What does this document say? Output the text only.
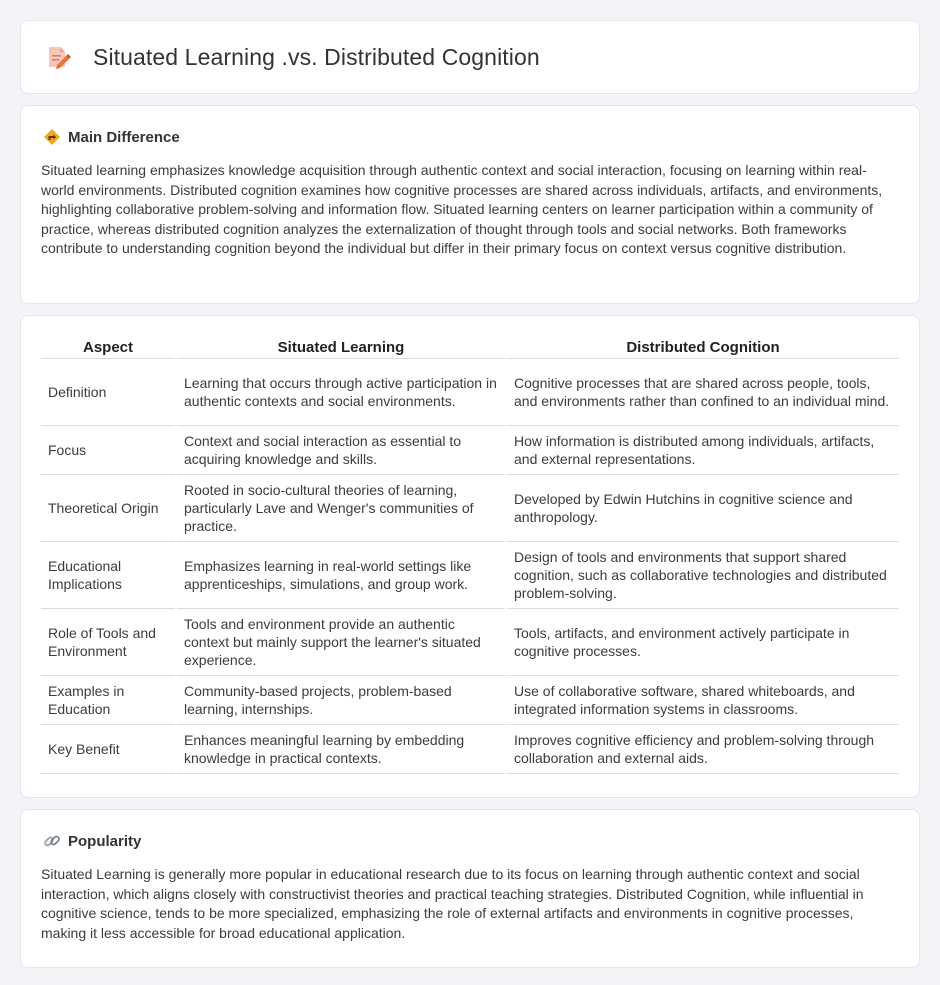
Situated Learning .vs. Distributed Cognition
Main Difference

Situated learning emphasizes knowledge acquisition through authentic context and social interaction, focusing on learning within real-world environments. Distributed cognition examines how cognitive processes are shared across individuals, artifacts, and environments, highlighting collaborative problem-solving and information flow. Situated learning centers on learner participation within a community of practice, whereas distributed cognition analyzes the externalization of thought through tools and social networks. Both frameworks contribute to understanding cognition beyond the individual but differ in their primary focus on context versus cognitive distribution.

Aspect	Situated Learning	Distributed Cognition
Definition	Learning that occurs through active participation in authentic contexts and social environments.	Cognitive processes that are shared across people, tools, and environments rather than confined to an individual mind.
Focus	Context and social interaction as essential to acquiring knowledge and skills.	How information is distributed among individuals, artifacts, and external representations.
Theoretical Origin	Rooted in socio-cultural theories of learning, particularly Lave and Wenger's communities of practice.	Developed by Edwin Hutchins in cognitive science and anthropology.
Educational Implications	Emphasizes learning in real-world settings like apprenticeships, simulations, and group work.	Design of tools and environments that support shared cognition, such as collaborative technologies and distributed problem-solving.
Role of Tools and Environment	Tools and environment provide an authentic context but mainly support the learner's situated experience.	Tools, artifacts, and environment actively participate in cognitive processes.
Examples in Education	Community-based projects, problem-based learning, internships.	Use of collaborative software, shared whiteboards, and integrated information systems in classrooms.
Key Benefit	Enhances meaningful learning by embedding knowledge in practical contexts.	Improves cognitive efficiency and problem-solving through collaboration and external aids.
Popularity

Situated Learning is generally more popular in educational research due to its focus on learning through authentic context and social interaction, which aligns closely with constructivist theories and practical teaching strategies. Distributed Cognition, while influential in cognitive science, tends to be more specialized, emphasizing the role of external artifacts and environments in cognitive processes, making it less accessible for broad educational application.
